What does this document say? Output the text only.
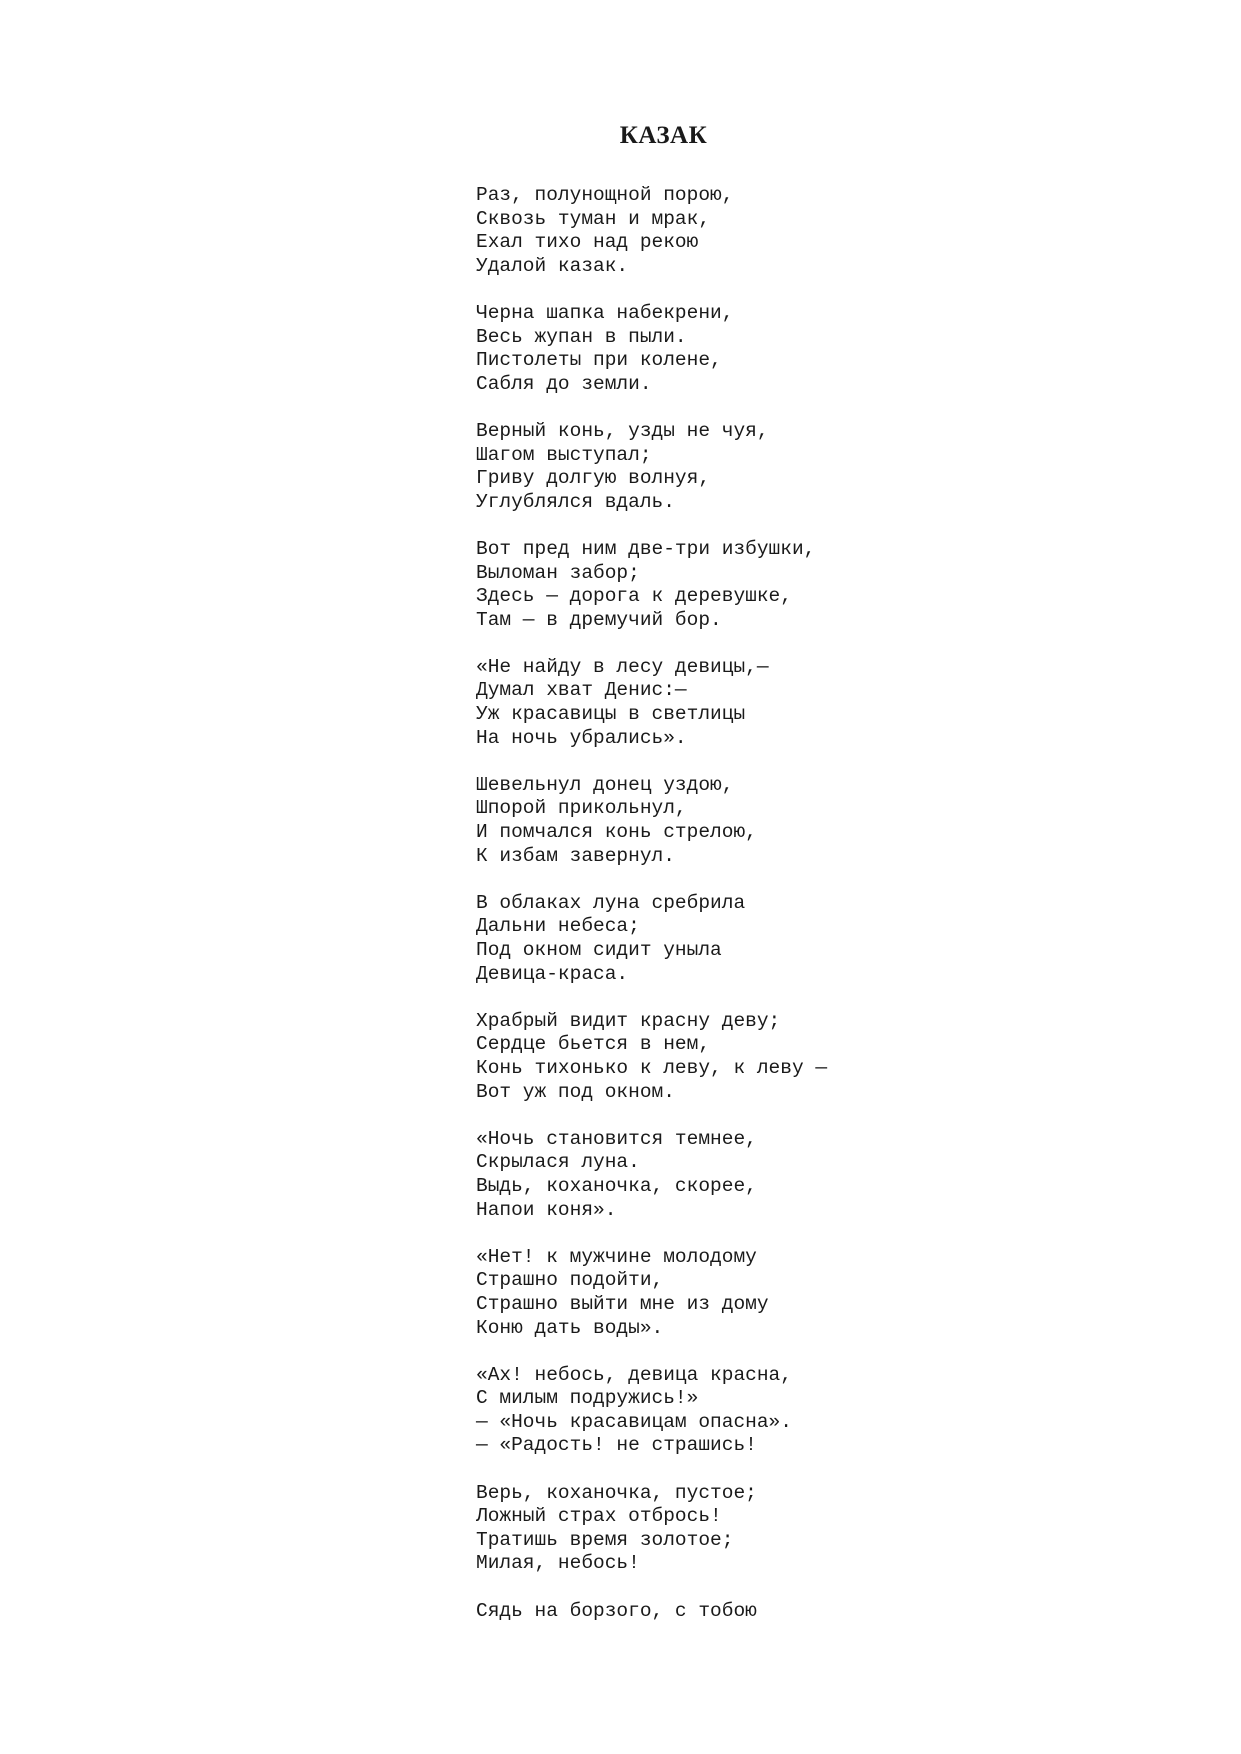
КАЗАК
Раз, полунощной порою,
Сквозь туман и мрак,
Ехал тихо над рекою
Удалой казак.
Черна шапка набекрени,
Весь жупан в пыли.
Пистолеты при колене,
Сабля до земли.
Верный конь, узды не чуя,
Шагом выступал;
Гриву долгую волнуя,
Углублялся вдаль.
Вот пред ним две-три избушки,
Выломан забор;
Здесь — дорога к деревушке,
Там — в дремучий бор.
«Не найду в лесу девицы,—
Думал хват Денис:—
Уж красавицы в светлицы
На ночь убрались».
Шевельнул донец уздою,
Шпорой прикольнул,
И помчался конь стрелою,
К избам завернул.
В облаках луна сребрила
Дальни небеса;
Под окном сидит уныла
Девица-краса.
Храбрый видит красну деву;
Сердце бьется в нем,
Конь тихонько к леву, к леву —
Вот уж под окном.
«Ночь становится темнее,
Скрылася луна.
Выдь, коханочка, скорее,
Напои коня».
«Нет! к мужчине молодому
Страшно подойти,
Страшно выйти мне из дому
Коню дать воды».
«Ах! небось, девица красна,
С милым подружись!»
— «Ночь красавицам опасна».
— «Радость! не страшись!
Верь, коханочка, пустое;
Ложный страх отбрось!
Тратишь время золотое;
Милая, небось!
Сядь на борзого, с тобою
